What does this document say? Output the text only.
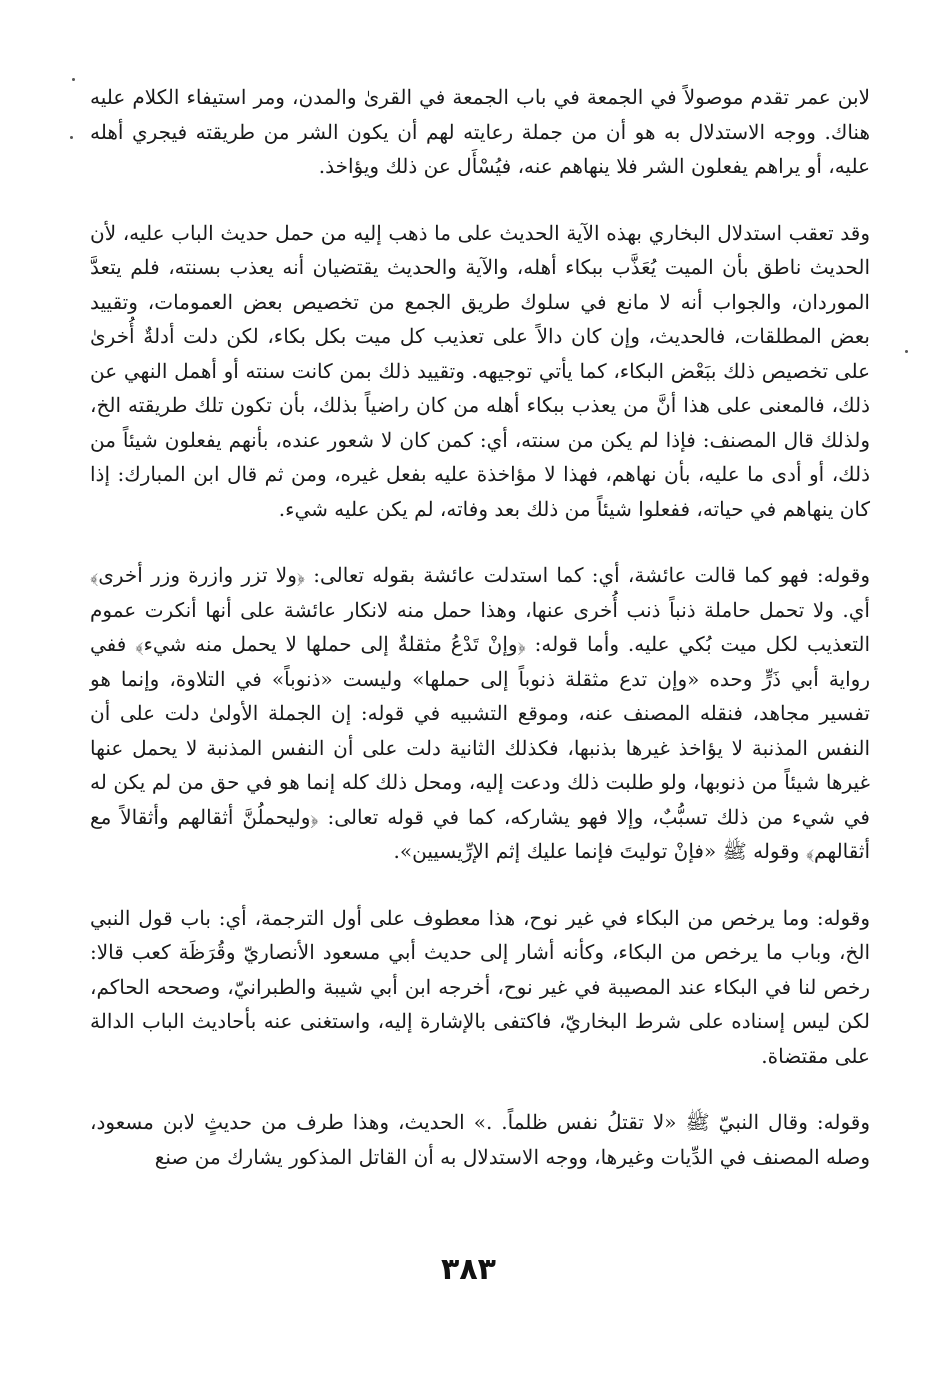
لابن عمر تقدم موصولاً في الجمعة في باب الجمعة في القرىٰ والمدن، ومر استيفاء الكلام عليه هناك. ووجه الاستدلال به هو أن من جملة رعايته لهم أن يكون الشر من طريقته فيجري أهله عليه، أو يراهم يفعلون الشر فلا ينهاهم عنه، فيُسْأَل عن ذلك ويؤاخذ.

وقد تعقب استدلال البخاري بهذه الآية الحديث على ما ذهب إليه من حمل حديث الباب عليه، لأن الحديث ناطق بأن الميت يُعَذَّب ببكاء أهله، والآية والحديث يقتضيان أنه يعذب بسنته، فلم يتعدَّ الموردان، والجواب أنه لا مانع في سلوك طريق الجمع من تخصيص بعض العمومات، وتقييد بعض المطلقات، فالحديث، وإن كان دالاً على تعذيب كل ميت بكل بكاء، لكن دلت أدلةٌ أُخرىٰ على تخصيص ذلك ببَعْض البكاء، كما يأتي توجيهه. وتقييد ذلك بمن كانت سنته أو أهمل النهي عن ذلك، فالمعنى على هذا أنَّ من يعذب ببكاء أهله من كان راضياً بذلك، بأن تكون تلك طريقته الخ، ولذلك قال المصنف: فإذا لم يكن من سنته، أي: كمن كان لا شعور عنده، بأنهم يفعلون شيئاً من ذلك، أو أدى ما عليه، بأن نهاهم، فهذا لا مؤاخذة عليه بفعل غيره، ومن ثم قال ابن المبارك: إذا كان ينهاهم في حياته، ففعلوا شيئاً من ذلك بعد وفاته، لم يكن عليه شيء.

وقوله: فهو كما قالت عائشة، أي: كما استدلت عائشة بقوله تعالى: ﴿ولا تزر وازرة وزر أخرى﴾ أي. ولا تحمل حاملة ذنباً ذنب أُخرى عنها، وهذا حمل منه لانكار عائشة على أنها أنكرت عموم التعذيب لكل ميت بُكي عليه. وأما قوله: ﴿وإنْ تَدْعُ مثقلةٌ إلى حملها لا يحمل منه شيء﴾ ففي رواية أبي ذَرٍّ وحده «وإن تدع مثقلة ذنوباً إلى حملها» وليست «ذنوباً» في التلاوة، وإنما هو تفسير مجاهد، فنقله المصنف عنه، وموقع التشبيه في قوله: إن الجملة الأولىٰ دلت على أن النفس المذنبة لا يؤاخذ غيرها بذنبها، فكذلك الثانية دلت على أن النفس المذنبة لا يحمل عنها غيرها شيئاً من ذنوبها، ولو طلبت ذلك ودعت إليه، ومحل ذلك كله إنما هو في حق من لم يكن له في شيء من ذلك تسبُّبٌ، وإلا فهو يشاركه، كما في قوله تعالى: ﴿وليحملُنَّ أثقالهم وأثقالاً مع أثقالهم﴾ وقوله ﷺ «فإنْ توليتَ فإنما عليك إثم الإرِّيسيين».

وقوله: وما يرخص من البكاء في غير نوح، هذا معطوف على أول الترجمة، أي: باب قول النبي الخ، وباب ما يرخص من البكاء، وكأنه أشار إلى حديث أبي مسعود الأنصاريّ وقُرَظَة كعب قالا: رخص لنا في البكاء عند المصيبة في غير نوح، أخرجه ابن أبي شيبة والطبرانيّ، وصححه الحاكم، لكن ليس إسناده على شرط البخاريّ، فاكتفى بالإشارة إليه، واستغنى عنه بأحاديث الباب الدالة على مقتضاة.

وقوله: وقال النبيّ ﷺ «لا تقتلُ نفس ظلماً. .» الحديث، وهذا طرف من حديثٍ لابن مسعود، وصله المصنف في الدِّيات وغيرها، ووجه الاستدلال به أن القاتل المذكور يشارك من صنع

٣٨٣
